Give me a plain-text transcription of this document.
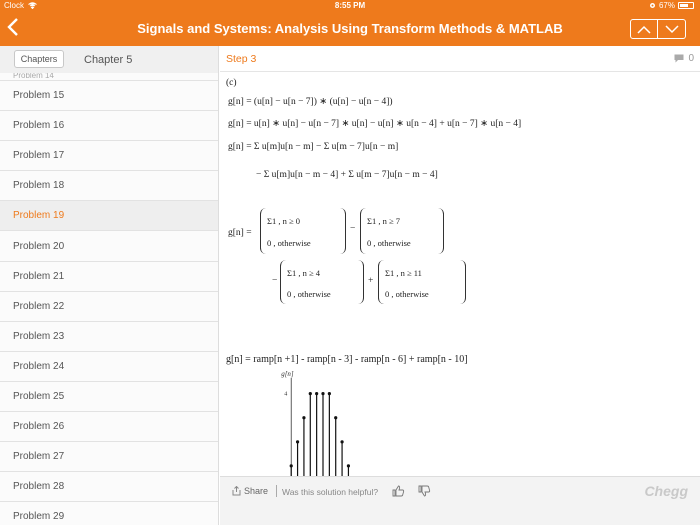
Clock	8:55 PM	67%
Signals and Systems: Analysis Using Transform Methods & MATLAB
Chapters	Chapter 5
Problem 14
Problem 15
Problem 16
Problem 17
Problem 18
Problem 19
Problem 20
Problem 21
Problem 22
Problem 23
Problem 24
Problem 25
Problem 26
Problem 27
Problem 28
Problem 29
Step 3	0
(c)
g[n] = (u[n] − u[n − 7]) ∗ (u[n] − u[n − 4])
g[n] = u[n] ∗ u[n] − u[n − 7] ∗ u[n] − u[n] ∗ u[n − 4] + u[n − 7] ∗ u[n − 4]
g[n] = Σ u[m]u[n − m] − Σ u[m − 7]u[n − m]
− Σ u[m]u[n − m − 4] + Σ u[m − 7]u[n − m − 4]
g[n] =
Σ1 , n ≥ 0
0 , otherwise
−
Σ1 , n ≥ 7
0 , otherwise
−
Σ1 , n ≥ 4
0 , otherwise
+
Σ1 , n ≥ 11
0 , otherwise
g[n] = ramp[n +1] - ramp[n - 3] - ramp[n - 6] + ramp[n - 10]
g[n]
4
Share Was this solution helpful?	Chegg
